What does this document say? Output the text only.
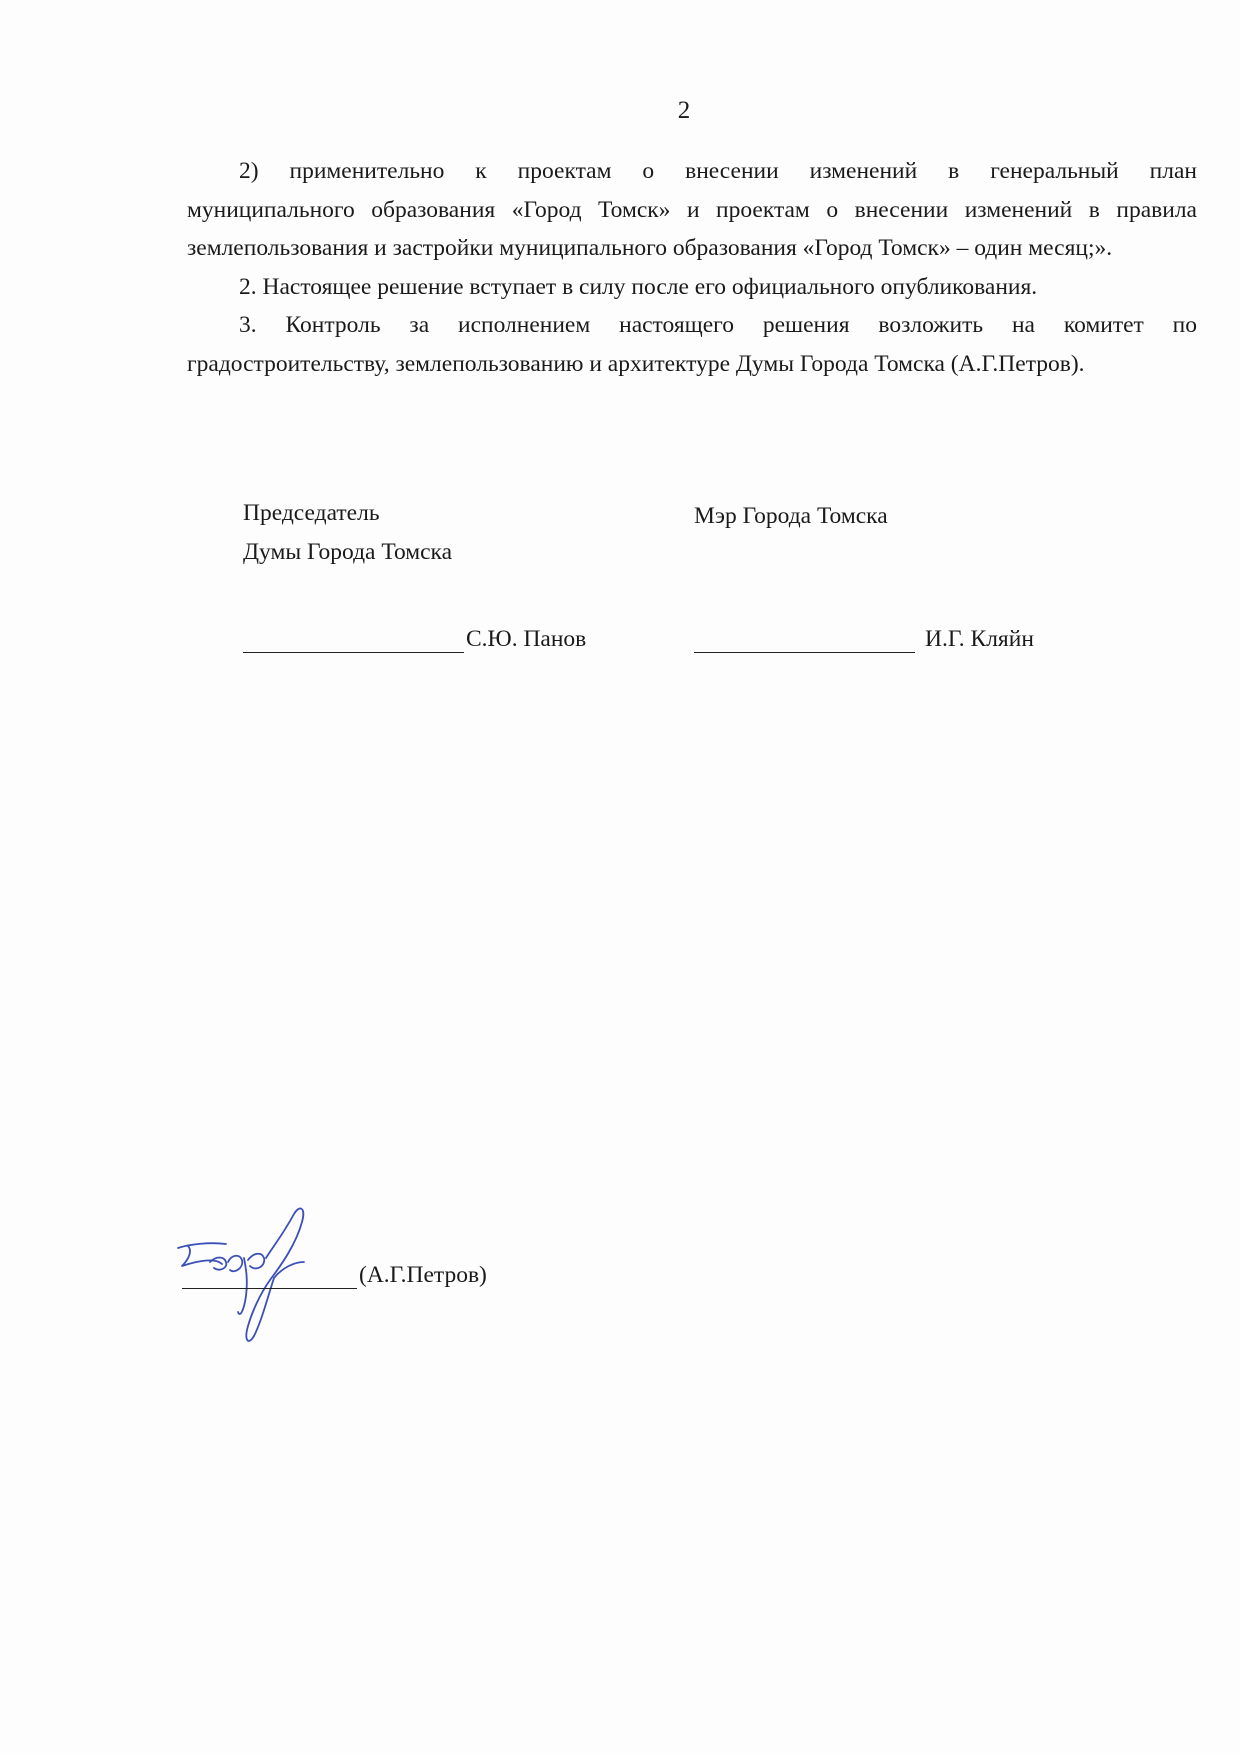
2

2) применительно к проектам о внесении изменений в генеральный план

муниципального образования «Город Томск» и проектам о внесении изменений в правила

землепользования и застройки муниципального образования «Город Томск» – один месяц;».

2. Настоящее решение вступает в силу после его официального опубликования.

3. Контроль за исполнением настоящего решения возложить на комитет по

градостроительству, землепользованию и архитектуре Думы Города Томска (А.Г.Петров).

Председатель
Думы Города Томска
Мэр Города Томска
С.Ю. Панов	И.Г. Кляйн
(А.Г.Петров)
